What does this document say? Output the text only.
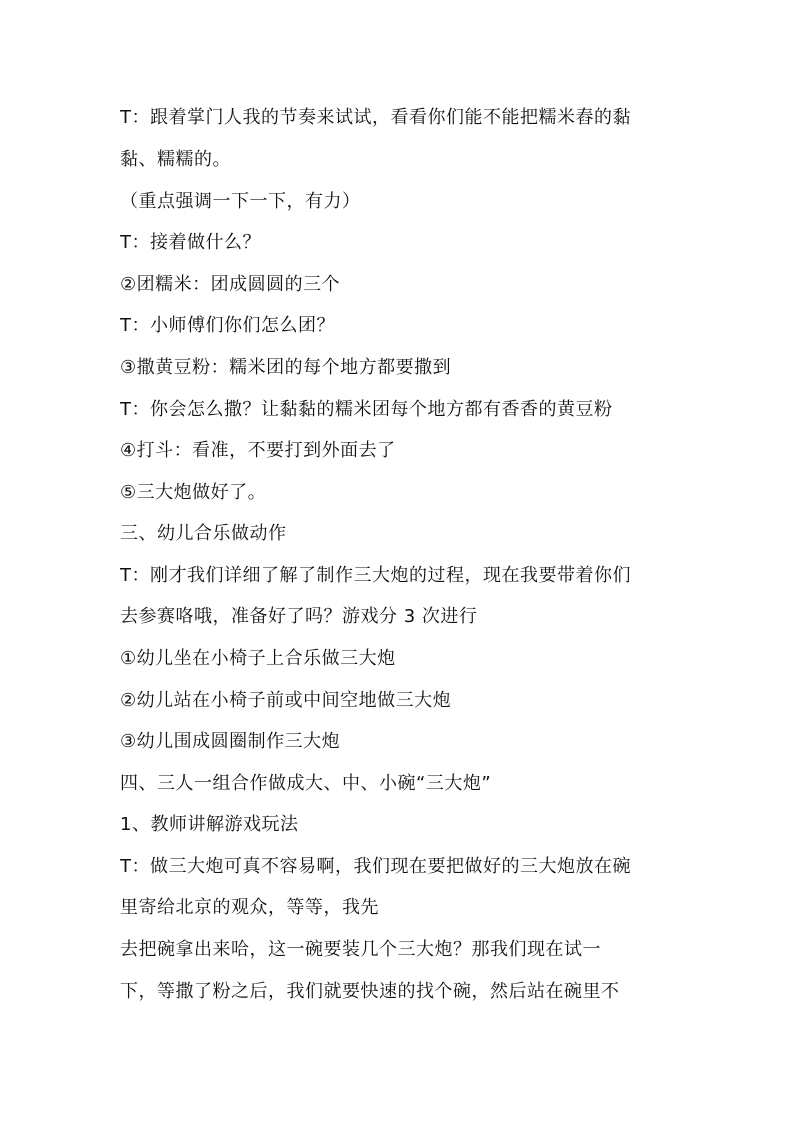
T：跟着掌门人我的节奏来试试，看看你们能不能把糯米舂的黏
黏、糯糯的。
（重点强调一下一下，有力）
T：接着做什么？
②团糯米：团成圆圆的三个
T：小师傅们你们怎么团？
③撒黄豆粉：糯米团的每个地方都要撒到
T：你会怎么撒？让黏黏的糯米团每个地方都有香香的黄豆粉
④打斗：看准，不要打到外面去了
⑤三大炮做好了。
三、幼儿合乐做动作
T：刚才我们详细了解了制作三大炮的过程，现在我要带着你们
去参赛咯哦，准备好了吗？游戏分 3 次进行
①幼儿坐在小椅子上合乐做三大炮
②幼儿站在小椅子前或中间空地做三大炮
③幼儿围成圆圈制作三大炮
四、三人一组合作做成大、中、小碗“三大炮”
1、教师讲解游戏玩法
T：做三大炮可真不容易啊，我们现在要把做好的三大炮放在碗
里寄给北京的观众，等等，我先
去把碗拿出来哈，这一碗要装几个三大炮？那我们现在试一
下，等撒了粉之后，我们就要快速的找个碗，然后站在碗里不
